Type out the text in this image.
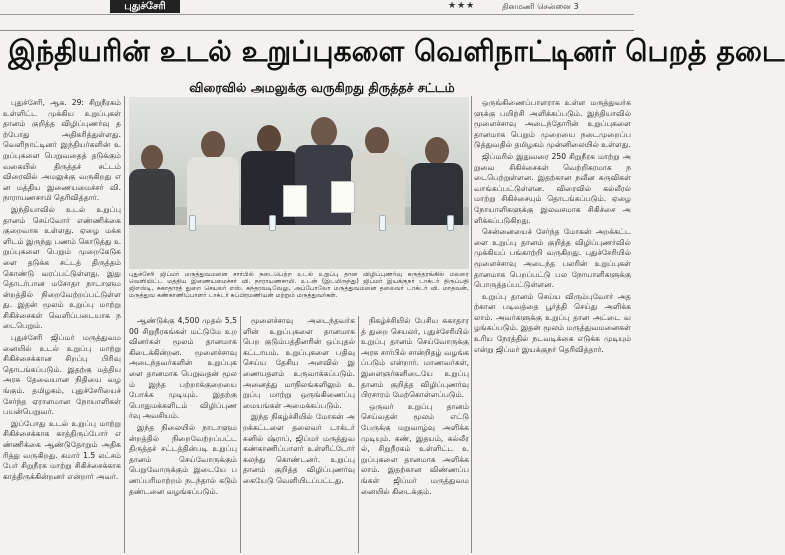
புதுச்சேரி	★★★	தினமணி சென்னை 3
இந்தியரின் உடல் உறுப்புகளை வெளிநாட்டினர் பெறத் தடை
விரைவில் அமலுக்கு வருகிறது திருத்தச் சட்டம்
புதுச்சேரி ஜிப்மர் மருத்துவமனை சார்பில் நடைபெற்ற உடல் உறுப்பு தான விழிப்புணர்வு கருத்தரங்கில் மலரை வெளியிட்ட மத்திய இணையமைச்சர் வி. நாராயணசாமி. உடன் (இடமிருந்து) ஜிப்மர் இயக்குநர் டாக்டர் திருப்பதி ஜிஎஸ்டி, சுகாதாரத் துறை செயலர் எஸ். சுந்தரவடிவேலு, அப்போலோ மருத்துவமனை தலைவர் டாக்டர் வி. மாதவன், மருத்துவ கண்காணிப்பாளர் டாக்டர் சுப்பிரமணியன் மற்றும் மருத்துவர்கள்.

புதுச்சேரி, ஆக. 29: சிறுநீரகம் உள்ளிட்ட முக்கிய உறுப்புகள் தானம் குறித்த விழிப்புணர்வு தற்போது அதிகரித்துள்ளது. வெளிநாட்டினர் இந்தியர்களின் உறுப்புகளை பெறுவதைத் தடுக்கும் வகையில் திருத்தச் சட்டம் விரைவில் அமலுக்கு வருகிறது என மத்திய இணையமைச்சர் வி. நாராயணசாமி தெரிவித்தார்.

இந்தியாவில் உடல் உறுப்பு தானம் செய்வோர் எண்ணிக்கை குறைவாக உள்ளது. ஏழை மக்களிடம் இருந்து பணம் கொடுத்து உறுப்புகளை பெறும் முறைகேடுகளை தடுக்க சட்டத் திருத்தம் கொண்டு வரப்பட்டுள்ளது. இது தொடர்பான மசோதா நாடாளுமன்றத்தில் நிறைவேற்றப்பட்டுள்ளது. இதன் மூலம் உறுப்பு மாற்று சிகிச்சைகள் வெளிப்படையாக நடைபெறும்.

புதுச்சேரி ஜிப்மர் மருத்துவமனையில் உடல் உறுப்பு மாற்று சிகிச்சைக்கான சிறப்பு பிரிவு தொடங்கப்படும். இதற்கு மத்திய அரசு தேவையான நிதியை வழங்கும். தமிழகம், புதுச்சேரியைச் சேர்ந்த ஏராளமான நோயாளிகள் பயன்பெறுவர்.

இப்போது உடல் உறுப்பு மாற்று சிகிச்சைக்காக காத்திருப்போர் எண்ணிக்கை ஆண்டுதோறும் அதிகரித்து வருகிறது. சுமார் 1.5 லட்சம் பேர் சிறுநீரக மாற்று சிகிச்சைக்காக காத்திருக்கின்றனர் என்றார் அவர்.

ஆண்டுக்கு 4,500 முதல் 5,500 சிறுநீரகங்கள் மட்டுமே உறவினர்கள் மூலம் தானமாக கிடைக்கின்றன. மூளைச்சாவு அடைந்தவர்களின் உறுப்புகளை தானமாக பெறுவதன் மூலம் இந்த பற்றாக்குறையை போக்க முடியும். இதற்கு பொதுமக்களிடம் விழிப்புணர்வு அவசியம்.

இந்த நிலையில் நாடாளுமன்றத்தில் நிறைவேற்றப்பட்ட திருத்தச் சட்டத்தின்படி உறுப்பு தானம் செய்வோருக்கும் பெறுவோருக்கும் இடையே பணப்பரிமாற்றம் நடந்தால் கடும் தண்டனை வழங்கப்படும்.

மூளைச்சாவு அடைந்தவர்களின் உறுப்புகளை தானமாக பெற குடும்பத்தினரின் ஒப்புதல் கட்டாயம். உறுப்புகளை பதிவு செய்ய தேசிய அளவில் இணையதளம் உருவாக்கப்படும். அனைத்து மாநிலங்களிலும் உறுப்பு மாற்று ஒருங்கிணைப்பு மையங்கள் அமைக்கப்படும்.

இந்த நிகழ்ச்சியில் மோகன் அறக்கட்டளை தலைவர் டாக்டர் சுனில் ஷ்ராப், ஜிப்மர் மருத்துவ கண்காணிப்பாளர் உள்ளிட்டோர் கலந்து கொண்டனர். உறுப்பு தானம் குறித்த விழிப்புணர்வு கையேடு வெளியிடப்பட்டது.

நிகழ்ச்சியில் பேசிய சுகாதாரத் துறை செயலர், புதுச்சேரியில் உறுப்பு தானம் செய்வோருக்கு அரசு சார்பில் சான்றிதழ் வழங்கப்படும் என்றார். மாணவர்கள், இளைஞர்களிடையே உறுப்பு தானம் குறித்த விழிப்புணர்வு பிரசாரம் மேற்கொள்ளப்படும்.

ஒருவர் உறுப்பு தானம் செய்வதன் மூலம் எட்டு பேருக்கு மறுவாழ்வு அளிக்க முடியும். கண், இதயம், கல்லீரல், சிறுநீரகம் உள்ளிட்ட உறுப்புகளை தானமாக அளிக்கலாம். இதற்கான விண்ணப்பங்கள் ஜிப்மர் மருத்துவமனையில் கிடைக்கும்.

ஒருங்கிணைப்பாளராக உள்ள மருத்துவர்களுக்கு பயிற்சி அளிக்கப்படும். இந்தியாவில் மூளைச்சாவு அடைந்தோரின் உறுப்புகளை தானமாக பெறும் முறையை நடைமுறைப்படுத்துவதில் தமிழகம் முன்னிலையில் உள்ளது.

ஜிப்மரில் இதுவரை 250 சிறுநீரக மாற்று அறுவை சிகிச்சைகள் வெற்றிகரமாக நடைபெற்றுள்ளன. இதற்கான நவீன கருவிகள் வாங்கப்பட்டுள்ளன. விரைவில் கல்லீரல் மாற்று சிகிச்சையும் தொடங்கப்படும். ஏழை நோயாளிகளுக்கு இலவசமாக சிகிச்சை அளிக்கப்படுகிறது.

சென்னையைச் சேர்ந்த மோகன் அறக்கட்டளை உறுப்பு தானம் குறித்த விழிப்புணர்வில் முக்கியப் பங்காற்றி வருகிறது. புதுச்சேரியில் மூளைச்சாவு அடைந்த பலரின் உறுப்புகள் தானமாக பெறப்பட்டு பல நோயாளிகளுக்கு பொருத்தப்பட்டுள்ளன.

உறுப்பு தானம் செய்ய விரும்புவோர் அதற்கான படிவத்தை பூர்த்தி செய்து அளிக்கலாம். அவர்களுக்கு உறுப்பு தான அட்டை வழங்கப்படும். இதன் மூலம் மருத்துவமனைகள் உரிய நேரத்தில் நடவடிக்கை எடுக்க முடியும் என்று ஜிப்மர் இயக்குநர் தெரிவித்தார்.
